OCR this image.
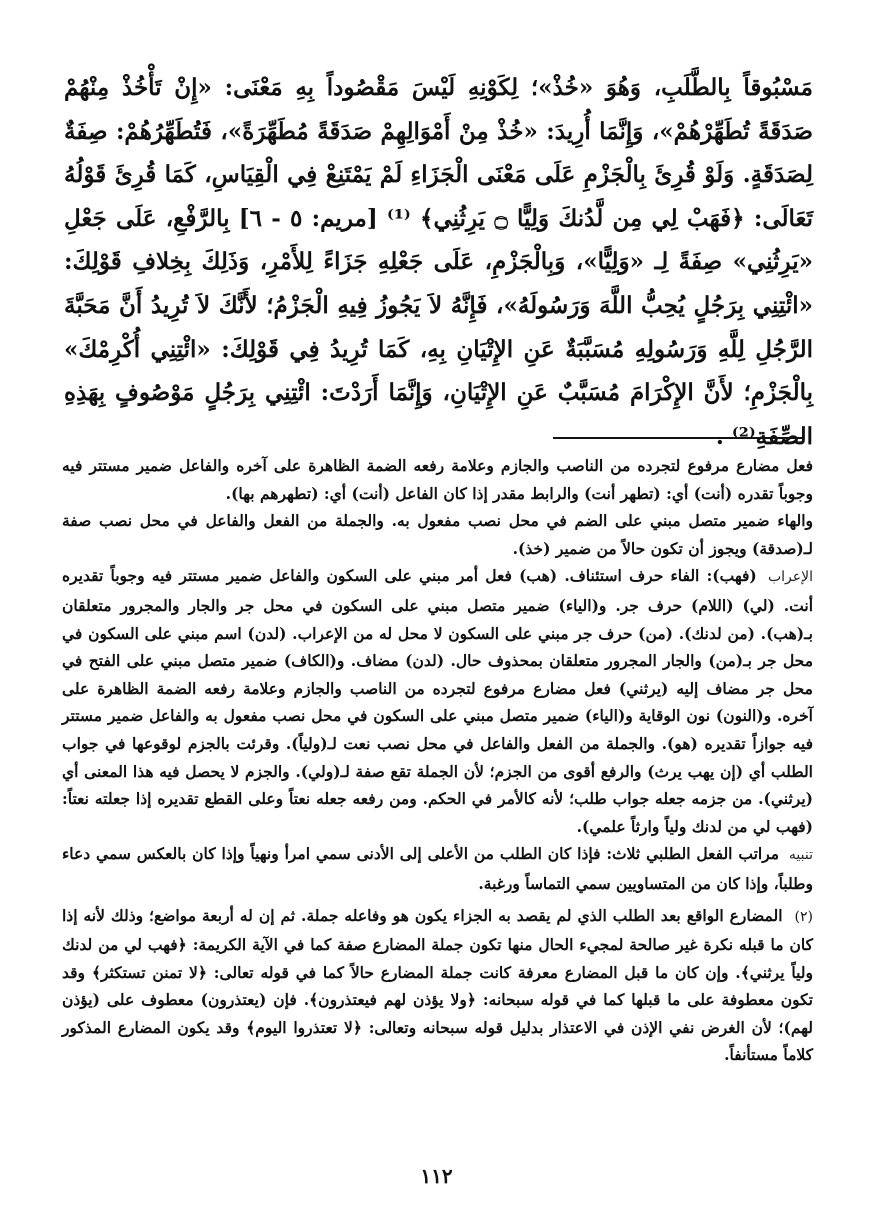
مَسْبُوقاً بِالطَّلَبِ، وَهُوَ «خُذْ»؛ لِكَوْنِهِ لَيْسَ مَقْصُوداً بِهِ مَعْنَى: «إِنْ تَأْخُذْ مِنْهُمْ صَدَقَةً تُطَهِّرْهُمْ»، وَإِنَّمَا أُرِيدَ: «خُذْ مِنْ أَمْوَالِهِمْ صَدَقَةً مُطَهِّرَةً»، فَتُطَهِّرُهُمْ: صِفَةٌ لِصَدَقَةٍ. وَلَوْ قُرِئَ بِالْجَزْمِ عَلَى مَعْنَى الْجَزَاءِ لَمْ يَمْتَنِعْ فِي الْقِيَاسِ، كَمَا قُرِئَ قَوْلُهُ تَعَالَى: ﴿فَهَبْ لِي مِن لَّدُنكَ وَلِيًّا ۝ يَرِثُنِي﴾ ⁽¹⁾ [مريم: ٥ - ٦] بِالرَّفْعِ، عَلَى جَعْلِ «يَرِثُنِي» صِفَةً لِـ «وَلِيًّا»، وَبِالْجَزْمِ، عَلَى جَعْلِهِ جَزَاءً لِلأَمْرِ، وَذَلِكَ بِخِلافِ قَوْلِكَ: «ائْتِنِي بِرَجُلٍ يُحِبُّ اللَّهَ وَرَسُولَهُ»، فَإِنَّهُ لاَ يَجُوزُ فِيهِ الْجَزْمُ؛ لأَنَّكَ لاَ تُرِيدُ أَنَّ مَحَبَّةَ الرَّجُلِ لِلَّهِ وَرَسُولِهِ مُسَبَّبَةٌ عَنِ الإِتْيَانِ بِهِ، كَمَا تُرِيدُ فِي قَوْلِكَ: «ائْتِنِي أُكْرِمْكَ» بِالْجَزْمِ؛ لأَنَّ الإِكْرَامَ مُسَبَّبٌ عَنِ الإِتْيَانِ، وَإِنَّمَا أَرَدْتَ: ائْتِنِي بِرَجُلٍ مَوْصُوفٍ بِهَذِهِ الصِّفَةِ⁽²⁾ .

فعل مضارع مرفوع لتجرده من الناصب والجازم وعلامة رفعه الضمة الظاهرة على آخره والفاعل ضمير مستتر فيه وجوباً تقدره (أنت) أي: (تطهر أنت) والرابط مقدر إذا كان الفاعل (أنت) أي: (تطهرهم بها).

والهاء ضمير متصل مبني على الضم في محل نصب مفعول به. والجملة من الفعل والفاعل في محل نصب صفة لـ(صدقة) ويجوز أن تكون حالاً من ضمير (خذ).

الإعراب (فهب): الفاء حرف استئناف. (هب) فعل أمر مبني على السكون والفاعل ضمير مستتر فيه وجوباً تقديره أنت. (لي) (اللام) حرف جر. و(الياء) ضمير متصل مبني على السكون في محل جر والجار والمجرور متعلقان بـ(هب). (من لدنك). (من) حرف جر مبني على السكون لا محل له من الإعراب. (لدن) اسم مبني على السكون في محل جر بـ(من) والجار المجرور متعلقان بمحذوف حال. (لدن) مضاف. و(الكاف) ضمير متصل مبني على الفتح في محل جر مضاف إليه (يرثني) فعل مضارع مرفوع لتجرده من الناصب والجازم وعلامة رفعه الضمة الظاهرة على آخره. و(النون) نون الوقاية و(الياء) ضمير متصل مبني على السكون في محل نصب مفعول به والفاعل ضمير مستتر فيه جوازاً تقديره (هو). والجملة من الفعل والفاعل في محل نصب نعت لـ(ولياً). وقرئت بالجزم لوقوعها في جواب الطلب أي (إن يهب يرث) والرفع أقوى من الجزم؛ لأن الجملة تقع صفة لـ(ولي). والجزم لا يحصل فيه هذا المعنى أي (يرثني). من جزمه جعله جواب طلب؛ لأنه كالأمر في الحكم. ومن رفعه جعله نعتاً وعلى القطع تقديره إذا جعلته نعتاً: (فهب لي من لدنك ولياً وارثاً علمي).

تنبيه مراتب الفعل الطلبي ثلاث: فإذا كان الطلب من الأعلى إلى الأدنى سمي امرأ ونهياً وإذا كان بالعكس سمي دعاء وطلباً، وإذا كان من المتساويين سمي التماساً ورغبة.

(٢) المضارع الواقع بعد الطلب الذي لم يقصد به الجزاء يكون هو وفاعله جملة. ثم إن له أربعة مواضع؛ وذلك لأنه إذا كان ما قبله نكرة غير صالحة لمجيء الحال منها تكون جملة المضارع صفة كما في الآية الكريمة: ﴿فهب لي من لدنك ولياً يرثني﴾. وإن كان ما قبل المضارع معرفة كانت جملة المضارع حالاً كما في قوله تعالى: ﴿لا تمنن تستكثر﴾ وقد تكون معطوفة على ما قبلها كما في قوله سبحانه: ﴿ولا يؤذن لهم فيعتذرون﴾. فإن (يعتذرون) معطوف على (يؤذن لهم)؛ لأن الغرض نفي الإذن في الاعتذار بدليل قوله سبحانه وتعالى: ﴿لا تعتذروا اليوم﴾ وقد يكون المضارع المذكور كلاماً مستأنفاً.

١١٢
